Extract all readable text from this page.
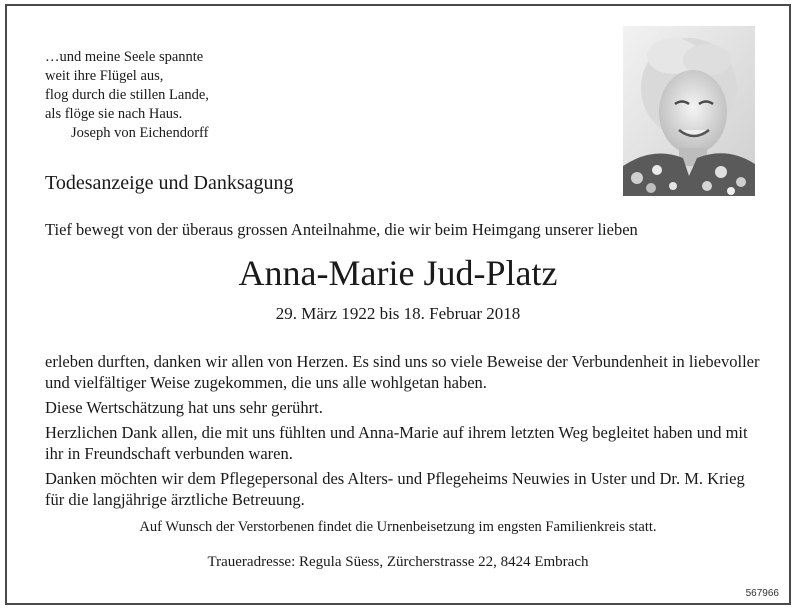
…und meine Seele spannte
weit ihre Flügel aus,
flog durch die stillen Lande,
als flöge sie nach Haus.
Joseph von Eichendorff
Todesanzeige und Danksagung
Tief bewegt von der überaus grossen Anteilnahme, die wir beim Heimgang unserer lieben
Anna-Marie Jud-Platz
29. März 1922 bis 18. Februar 2018

erleben durften, danken wir allen von Herzen. Es sind uns so viele Beweise der Verbundenheit in liebevoller und vielfältiger Weise zugekommen, die uns alle wohlgetan haben.

Diese Wertschätzung hat uns sehr gerührt.

Herzlichen Dank allen, die mit uns fühlten und Anna-Marie auf ihrem letzten Weg begleitet haben und mit ihr in Freundschaft verbunden waren.

Danken möchten wir dem Pflegepersonal des Alters- und Pflegeheims Neuwies in Uster und Dr. M. Krieg für die langjährige ärztliche Betreuung.

Auf Wunsch der Verstorbenen findet die Urnenbeisetzung im engsten Familienkreis statt.
Traueradresse: Regula Süess, Zürcherstrasse 22, 8424 Embrach
567966
